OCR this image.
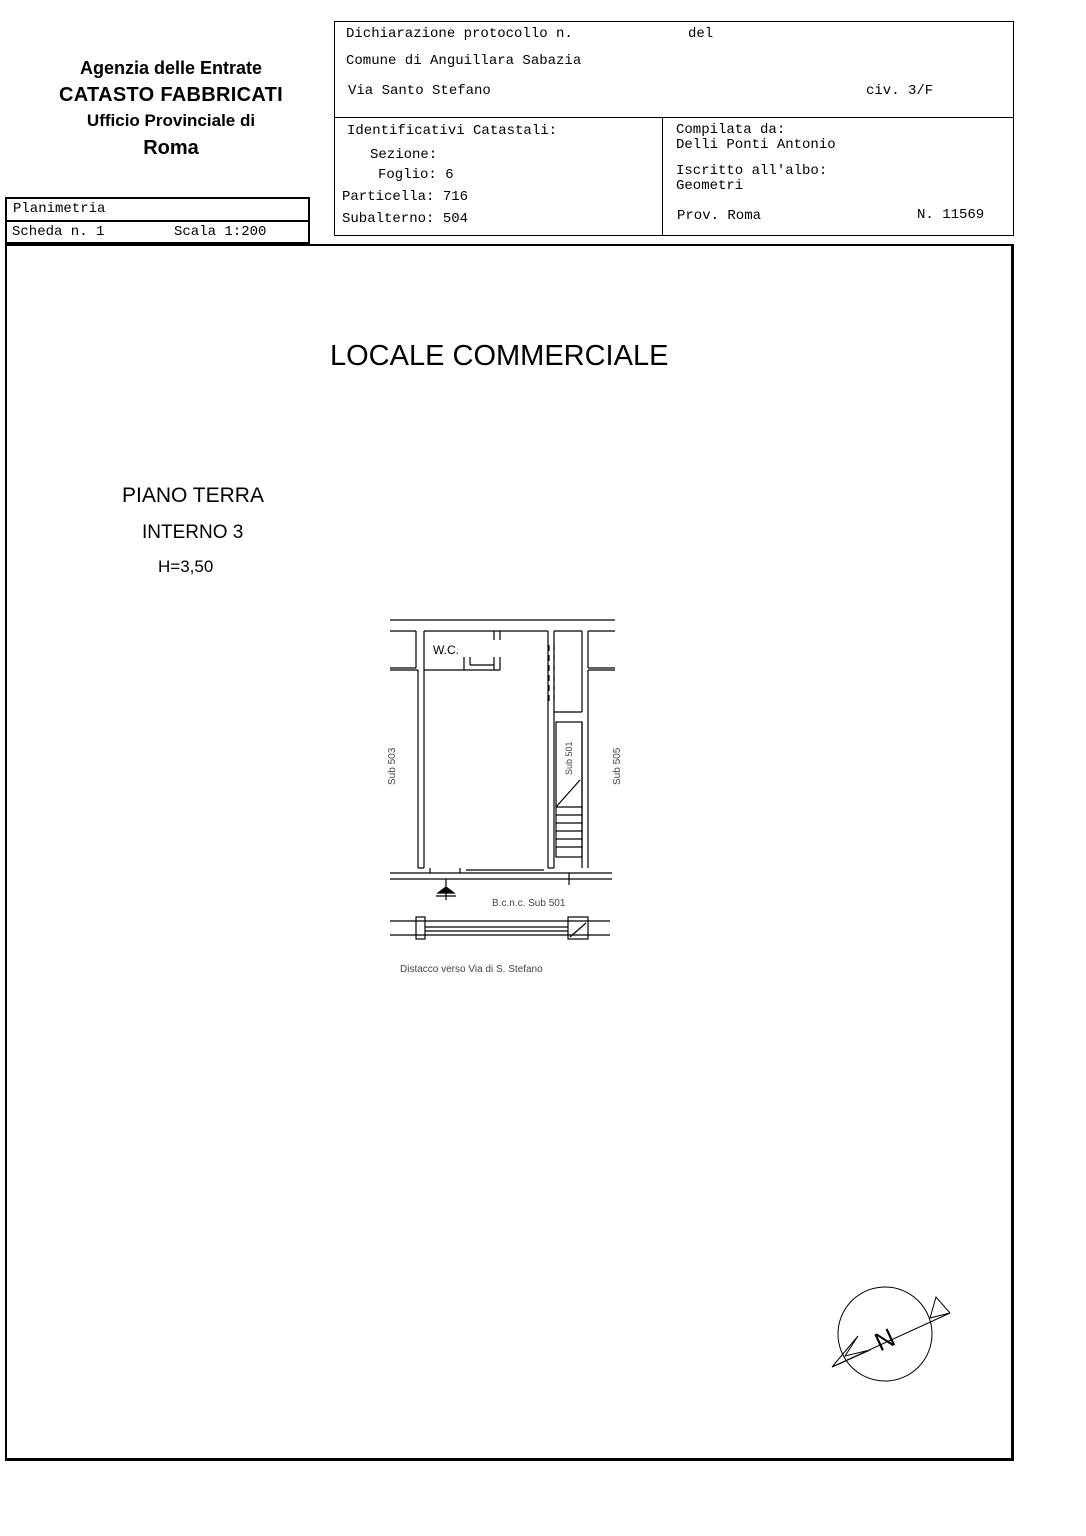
Agenzia delle Entrate
CATASTO FABBRICATI
Ufficio Provinciale di
Roma
Dichiarazione protocollo n.	del
Comune di Anguillara Sabazia
Via Santo Stefano	civ. 3/F
Identificativi Catastali:
Sezione:
Foglio: 6
Particella: 716
Subalterno: 504
Compilata da:
Delli Ponti Antonio
Iscritto all'albo:
Geometri
Prov. Roma	N. 11569
Planimetria
Scheda n. 1	Scala 1:200
LOCALE COMMERCIALE
PIANO TERRA
INTERNO 3
H=3,50
W.C.
Sub 503	Sub 501	Sub 505
B.c.n.c. Sub 501
Distacco verso Via di S. Stefano
N
